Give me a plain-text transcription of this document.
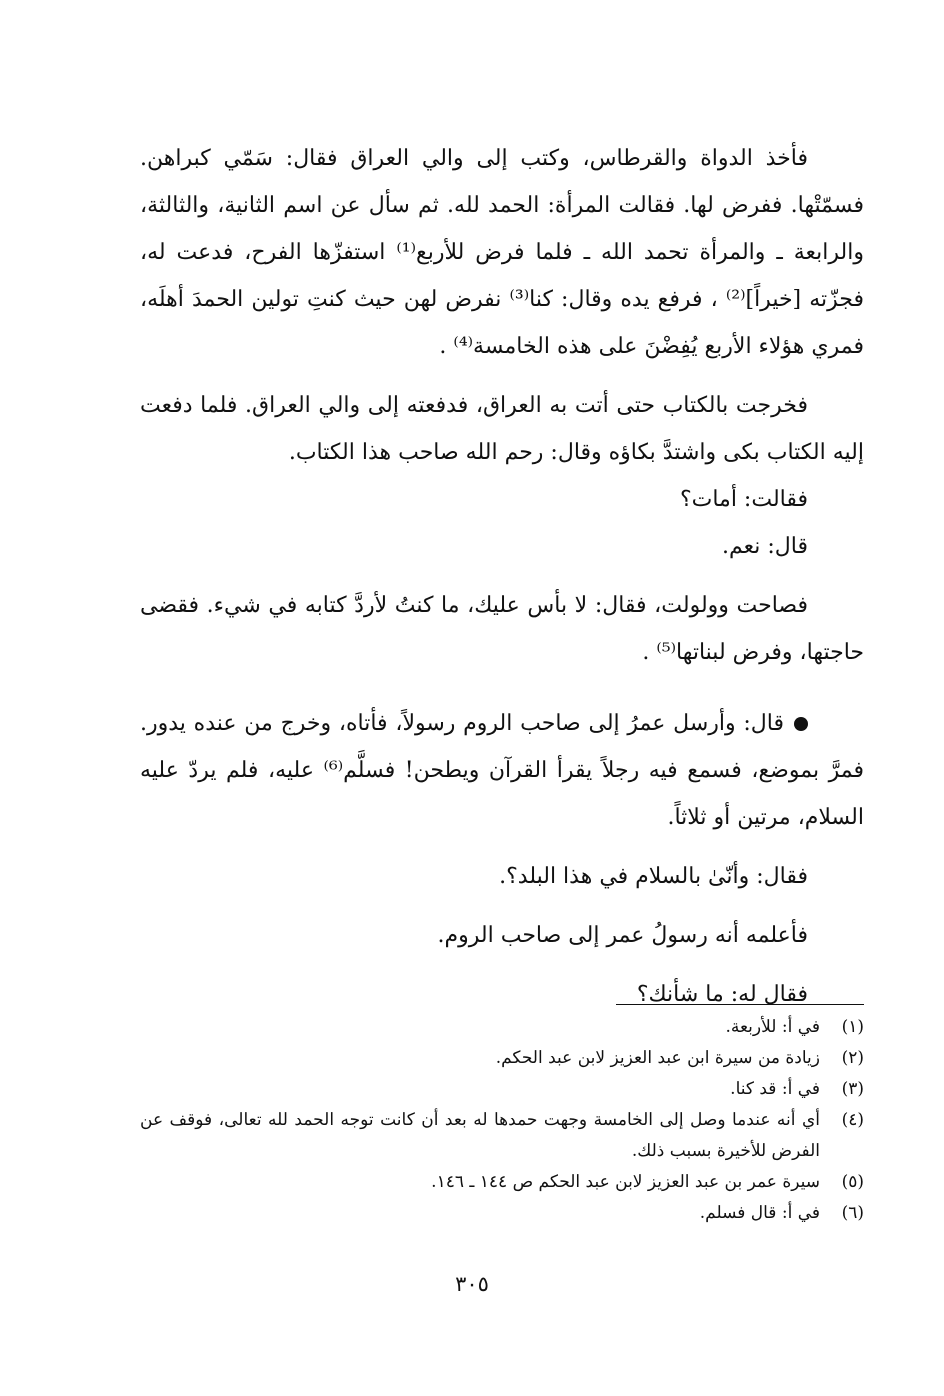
فأخذ الدواة والقرطاس، وكتب إلى والي العراق فقال: سَمّي كبراهن. فسمّتْها. ففرض لها. فقالت المرأة: الحمد لله. ثم سأل عن اسم الثانية، والثالثة، والرابعة ـ والمرأة تحمد الله ـ فلما فرض للأربع⁽¹⁾ استفزّها الفرح، فدعت له، فجزّته [خيراً]⁽²⁾ ، فرفع يده وقال: كنا⁽³⁾ نفرض لهن حيث كنتِ تولين الحمدَ أهلَه، فمري هؤلاء الأربع يُفِضْنَ على هذه الخامسة⁽⁴⁾ .

فخرجت بالكتاب حتى أتت به العراق، فدفعته إلى والي العراق. فلما دفعت إليه الكتاب بكى واشتدَّ بكاؤه وقال: رحم الله صاحب هذا الكتاب.

فقالت: أمات؟

قال: نعم.

فصاحت وولولت، فقال: لا بأس عليك، ما كنتُ لأردَّ كتابه في شيء. فقضى حاجتها، وفرض لبناتها⁽⁵⁾ .

قال: وأرسل عمرُ إلى صاحب الروم رسولاً، فأتاه، وخرج من عنده يدور. فمرَّ بموضع، فسمع فيه رجلاً يقرأ القرآن ويطحن! فسلَّم⁽⁶⁾ عليه، فلم يردّ عليه السلام، مرتين أو ثلاثاً.

فقال: وأنّىٰ بالسلام في هذا البلد؟.

فأعلمه أنه رسولُ عمر إلى صاحب الروم.

فقال له: ما شأنك؟

(١)
في أ: للأربعة.

(٢)
زيادة من سيرة ابن عبد العزيز لابن عبد الحكم.

(٣)
في أ: قد كنا.

(٤)
أي أنه عندما وصل إلى الخامسة وجهت حمدها له بعد أن كانت توجه الحمد لله تعالى، فوقف عن الفرض للأخيرة بسبب ذلك.

(٥)
سيرة عمر بن عبد العزيز لابن عبد الحكم ص ١٤٤ ـ ١٤٦.

(٦)
في أ: قال فسلم.

٣٠٥
